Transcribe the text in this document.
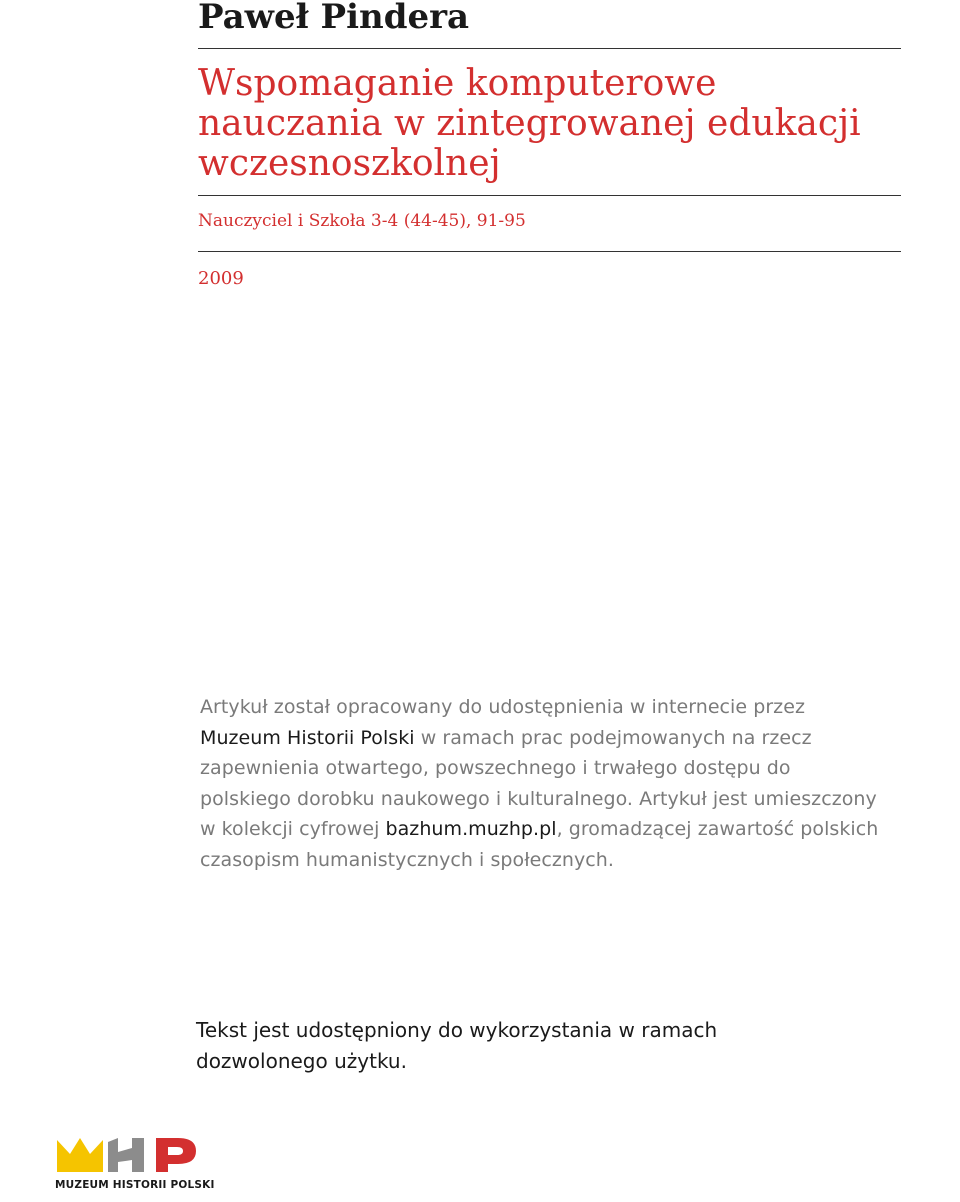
Paweł Pindera
Wspomaganie komputerowe
nauczania w zintegrowanej edukacji
wczesnoszkolnej
Nauczyciel i Szkoła 3-4 (44-45), 91-95
2009
Artykuł został opracowany do udostępnienia w internecie przez
Muzeum Historii Polski w ramach prac podejmowanych na rzecz
zapewnienia otwartego, powszechnego i trwałego dostępu do
polskiego dorobku naukowego i kulturalnego. Artykuł jest umieszczony
w kolekcji cyfrowej bazhum.muzhp.pl, gromadzącej zawartość polskich
czasopism humanistycznych i społecznych.
Tekst jest udostępniony do wykorzystania w ramach
dozwolonego użytku.
MUZEUM HISTORII POLSKI
